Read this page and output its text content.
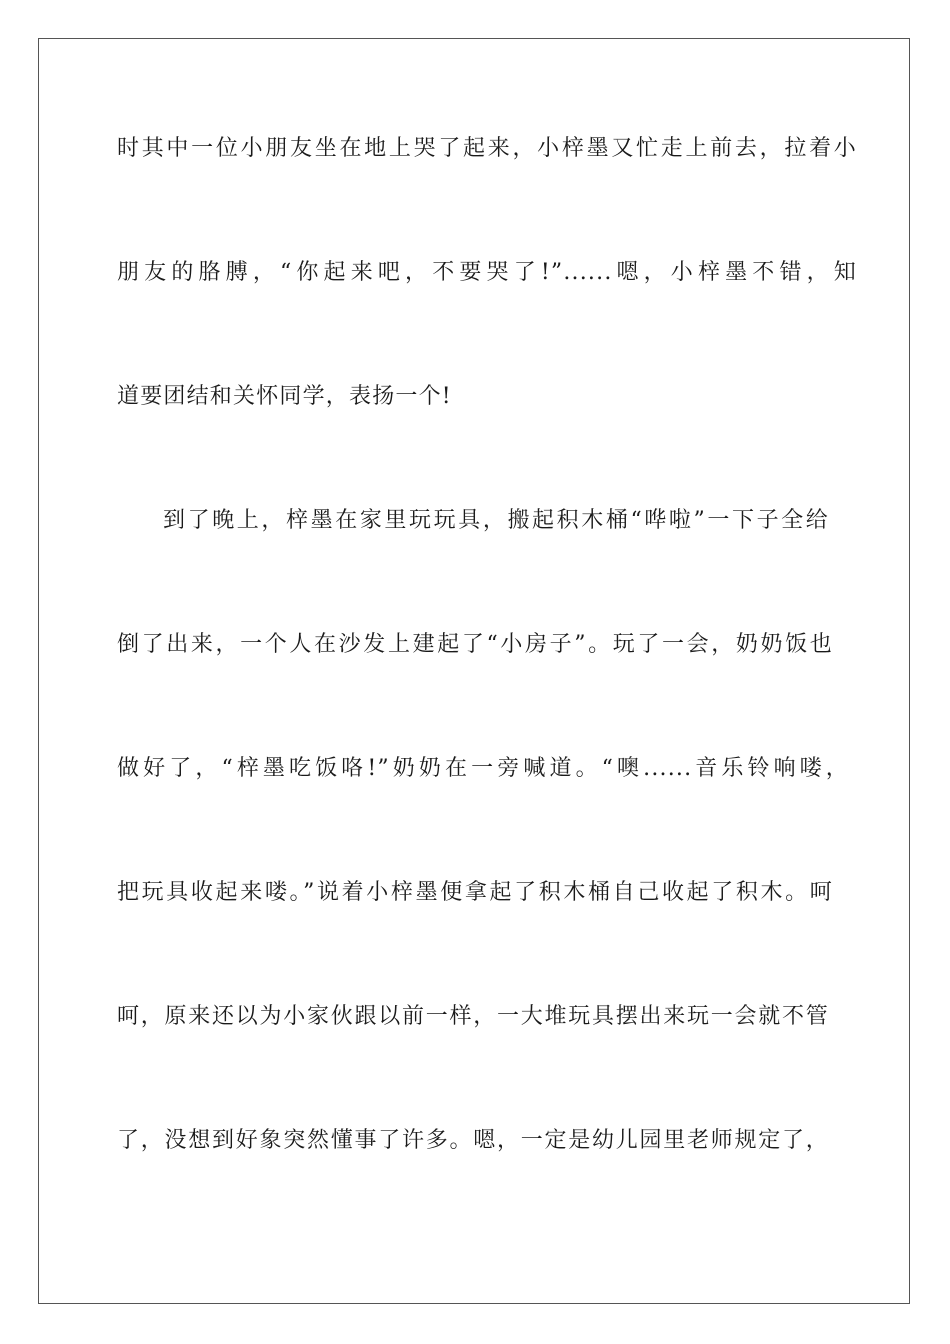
时其中一位小朋友坐在地上哭了起来，小梓墨又忙走上前去，拉着小
朋友的胳膊，“你起来吧，不要哭了!”......嗯，小梓墨不错，知
道要团结和关怀同学，表扬一个!
到了晚上，梓墨在家里玩玩具，搬起积木桶“哗啦”一下子全给
倒了出来，一个人在沙发上建起了“小房子”。玩了一会，奶奶饭也
做好了，“梓墨吃饭咯!”奶奶在一旁喊道。“噢......音乐铃响喽，
把玩具收起来喽。”说着小梓墨便拿起了积木桶自己收起了积木。呵
呵，原来还以为小家伙跟以前一样，一大堆玩具摆出来玩一会就不管
了，没想到好象突然懂事了许多。嗯，一定是幼儿园里老师规定了，
